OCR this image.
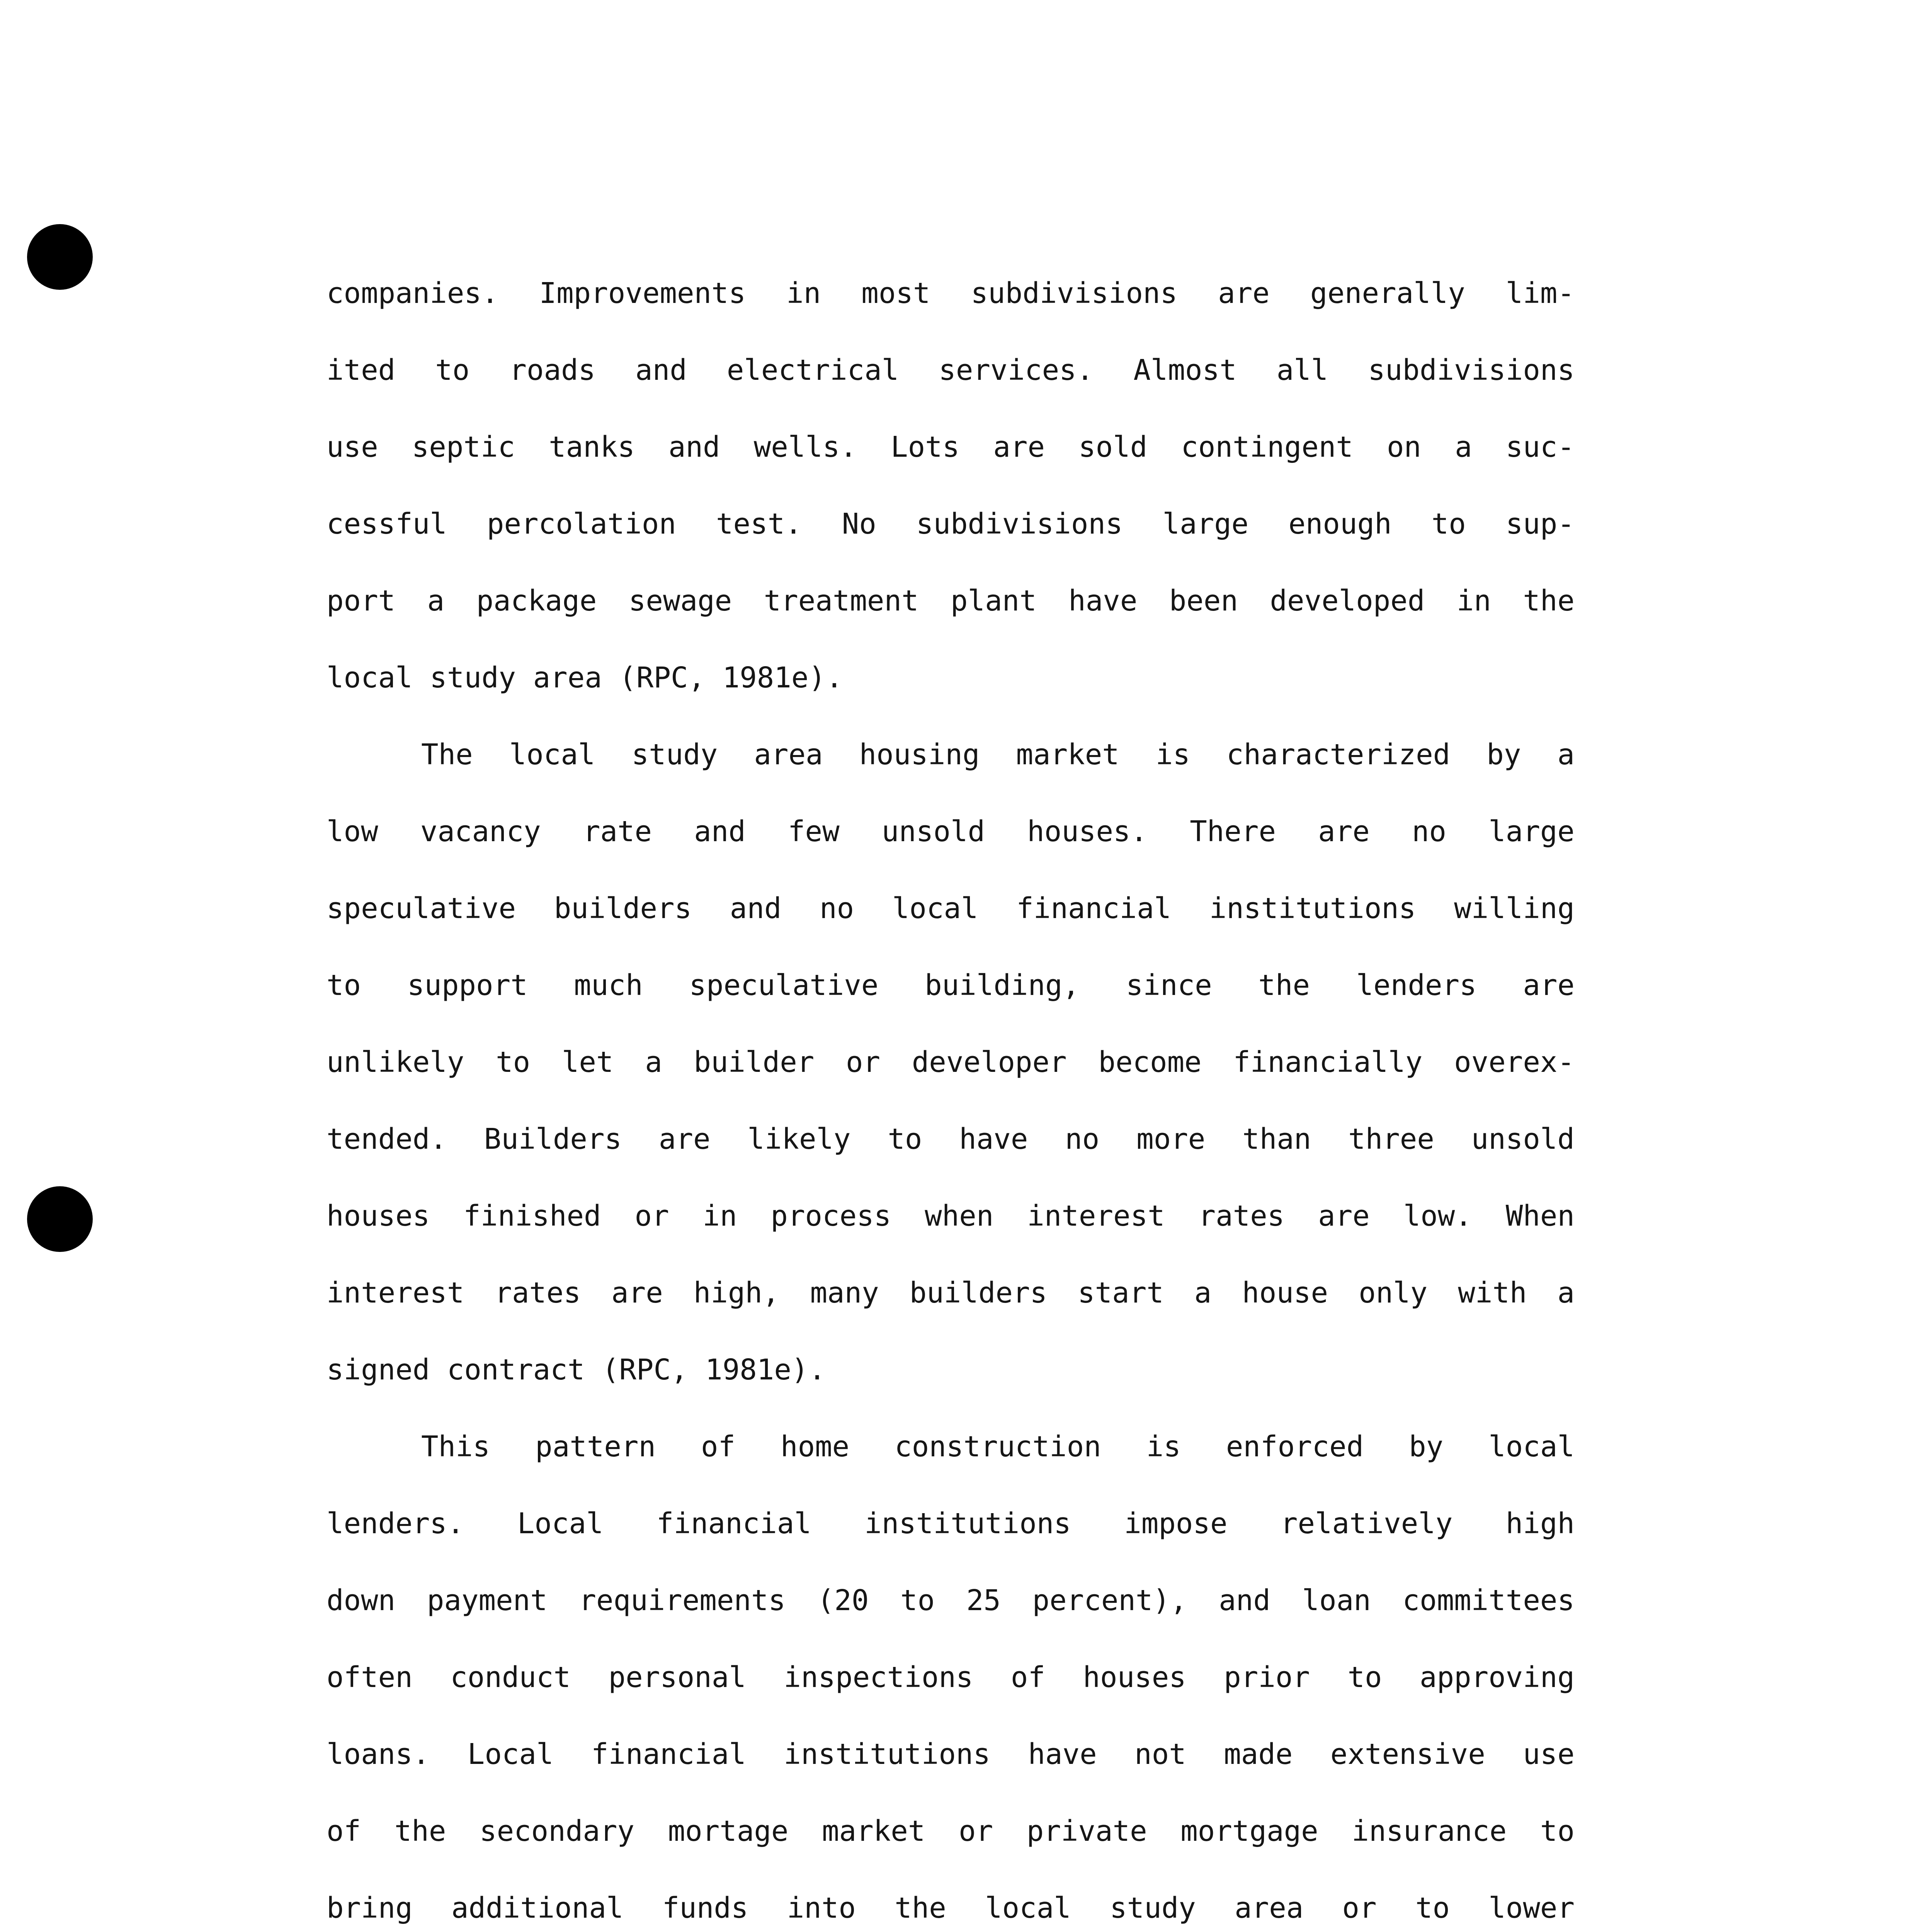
companies. Improvements in most subdivisions are generally lim-
ited to roads and electrical services. Almost all subdivisions
use septic tanks and wells. Lots are sold contingent on a suc-
cessful percolation test. No subdivisions large enough to sup-
port a package sewage treatment plant have been developed in the
local study area (RPC, 1981e).
The local study area housing market is characterized by a
low vacancy rate and few unsold houses. There are no large
speculative builders and no local financial institutions willing
to support much speculative building, since the lenders are
unlikely to let a builder or developer become financially overex-
tended. Builders are likely to have no more than three unsold
houses finished or in process when interest rates are low. When
interest rates are high, many builders start a house only with a
signed contract (RPC, 1981e).
This pattern of home construction is enforced by local
lenders. Local financial institutions impose relatively high
down payment requirements (20 to 25 percent), and loan committees
often conduct personal inspections of houses prior to approving
loans. Local financial institutions have not made extensive use
of the secondary mortage market or private mortgage insurance to
bring additional funds into the local study area or to lower
